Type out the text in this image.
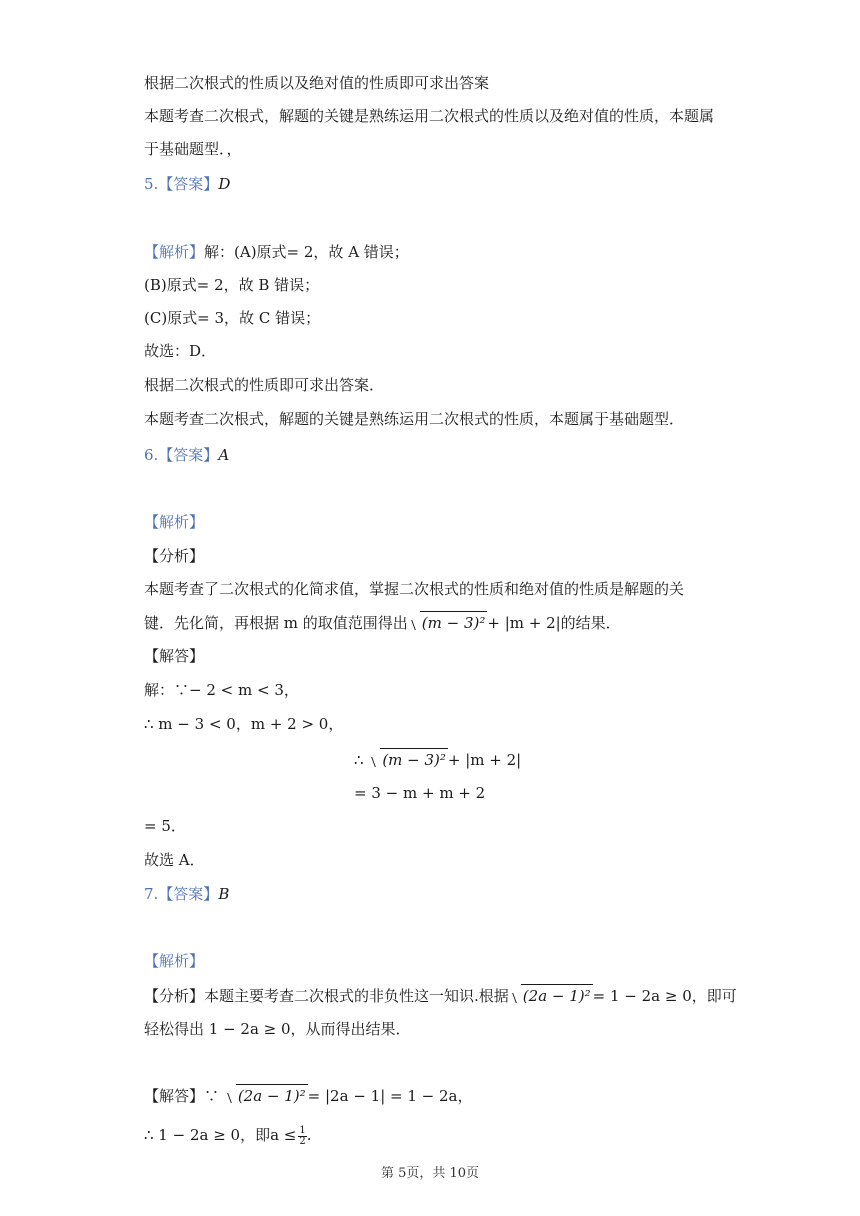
根据二次根式的性质以及绝对值的性质即可求出答案
本题考查二次根式，解题的关键是熟练运用二次根式的性质以及绝对值的性质，本题属
于基础题型．，
5.【答案】D
【解析】解：(A)原式= 2，故 A 错误；
(B)原式= 2，故 B 错误；
(C)原式= 3，故 C 错误；
故选：D．
根据二次根式的性质即可求出答案．
本题考查二次根式，解题的关键是熟练运用二次根式的性质，本题属于基础题型．
6.【答案】A
【解析】
【分析】
本题考查了二次根式的化简求值，掌握二次根式的性质和绝对值的性质是解题的关
键．先化简，再根据 m 的取值范围得出 (m − 3)² + |m + 2|的结果．
【解答】
解：∵− 2 < m < 3，
∴ m − 3 < 0，m + 2 > 0，
∴ (m − 3)² + |m + 2|
= 3 − m + m + 2
= 5．
故选 A．
7.【答案】B
【解析】
【分析】本题主要考查二次根式的非负性这一知识.根据 (2a − 1)² = 1 − 2a ≥ 0，即可
轻松得出 1 − 2a ≥ 0，从而得出结果．
【解答】∵ (2a − 1)² = |2a − 1| = 1 − 2a，
∴ 1 − 2a ≥ 0，即$a \le \frac{1}{2}$ .
第 5页，共 10页
